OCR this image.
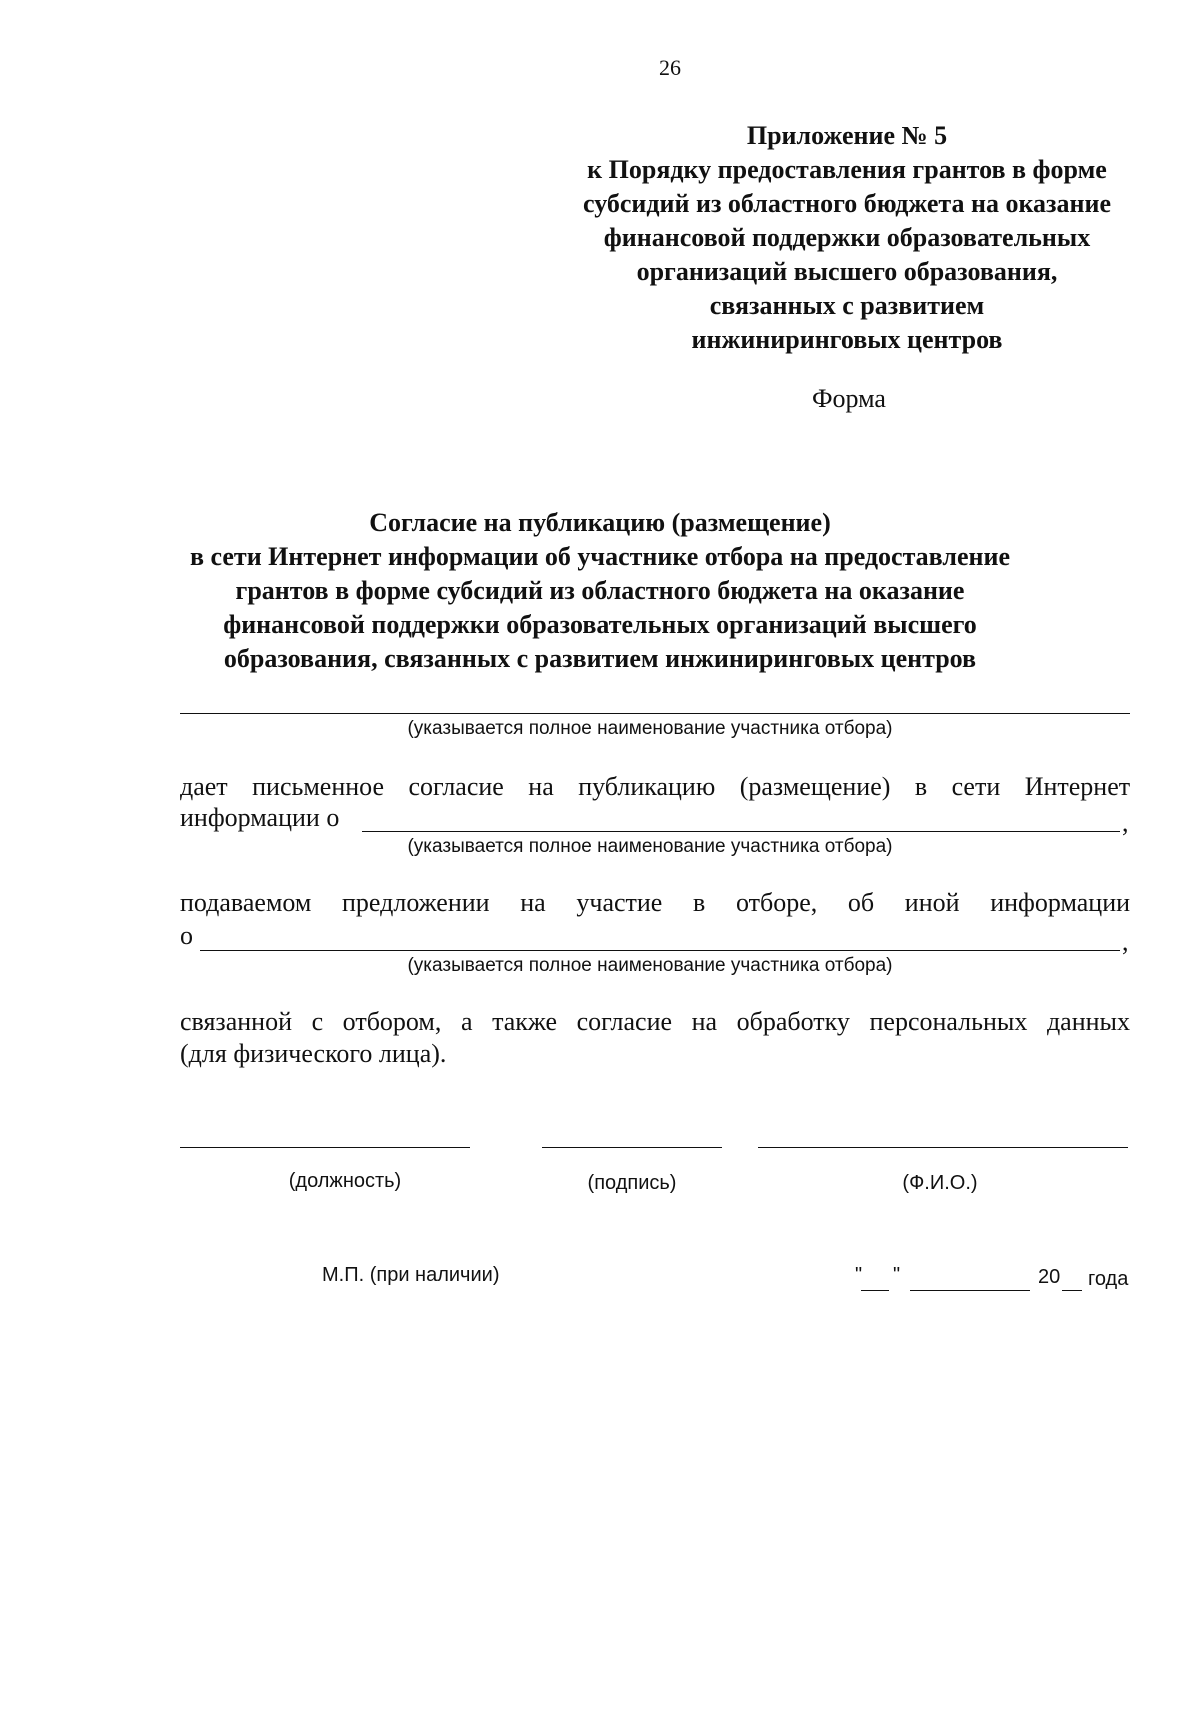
26
Приложение № 5
к Порядку предоставления грантов в форме
субсидий из областного бюджета на оказание
финансовой поддержки образовательных
организаций высшего образования,
связанных с развитием
инжиниринговых центров
Форма
Согласие на публикацию (размещение)
в сети Интернет информации об участнике отбора на предоставление
грантов в форме субсидий из областного бюджета на оказание
финансовой поддержки образовательных организаций высшего
образования, связанных с развитием инжиниринговых центров
(указывается полное наименование участника отбора)
дает письменное согласие на публикацию (размещение) в сети Интернет
информации о	,
(указывается полное наименование участника отбора)
подаваемом предложении на участие в отборе, об иной информации
о	,
(указывается полное наименование участника отбора)
связанной с отбором, а также согласие на обработку персональных данных
(для физического лица).
(должность)	(подпись)	(Ф.И.О.)
М.П. (при наличии)	" "	20 года
